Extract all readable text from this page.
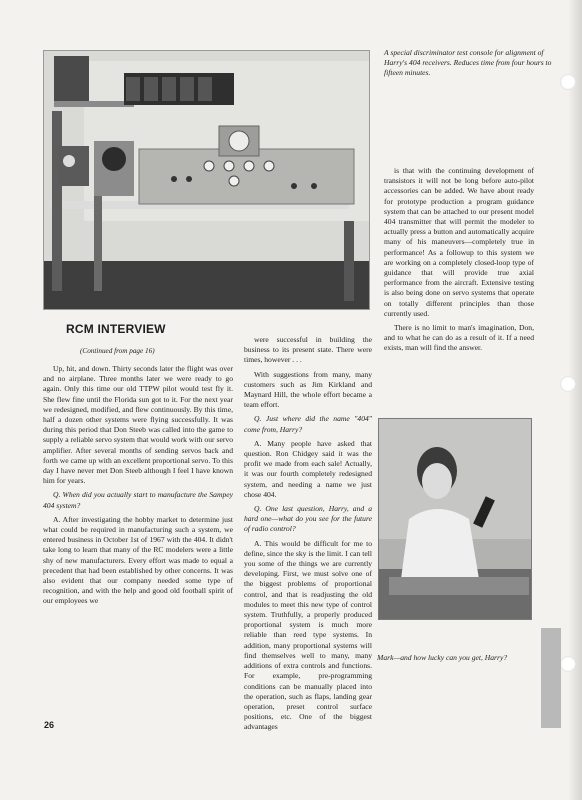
A special discriminator test console for alignment of Harry's 404 receivers. Reduces time from four hours to fifteen minutes.
RCM INTERVIEW
(Continued from page 16)

Up, hit, and down. Thirty seconds later the flight was over and no airplane. Three months later we were ready to go again. Only this time our old TTPW pilot would test fly it. She flew fine until the Florida sun got to it. For the next year we redesigned, modified, and flew continuously. By this time, half a dozen other systems were flying successfully. It was during this period that Don Steeb was called into the game to supply a reliable servo system that would work with our servo amplifier. After several months of sending servos back and forth we came up with an excellent proportional servo. To this day I have never met Don Steeb although I feel I have known him for years.

Q. When did you actually start to manufacture the Sampey 404 system?

A. After investigating the hobby market to determine just what could be required in manufacturing such a system, we entered business in October 1st of 1967 with the 404. It didn't take long to learn that many of the RC modelers were a little shy of new manufacturers. Every effort was made to equal a precedent that had been established by other concerns. It was also evident that our company needed some type of recognition, and with the help and good old football spirit of our employees we

were successful in building the business to its present state. There were times, however . . .

With suggestions from many, many customers such as Jim Kirkland and Maynard Hill, the whole effort became a team effort.

Q. Just where did the name "404" come from, Harry?

A. Many people have asked that question. Ron Chidgey said it was the profit we made from each sale! Actually, it was our fourth completely redesigned system, and needing a name we just chose 404.

Q. One last question, Harry, and a hard one—what do you see for the future of radio control?

A. This would be difficult for me to define, since the sky is the limit. I can tell you some of the things we are currently developing. First, we must solve one of the biggest problems of proportional control, and that is readjusting the old modules to meet this new type of control system. Truthfully, a properly produced proportional system is much more reliable than reed type systems. In addition, many proportional systems will find themselves well to many, many additions of extra controls and functions. For example, pre-programming conditions can be manually placed into the operation, such as flaps, landing gear operation, preset control surface positions, etc. One of the biggest advantages

is that with the continuing development of transistors it will not be long before auto-pilot accessories can be added. We have about ready for prototype production a program guidance system that can be attached to our present model 404 transmitter that will permit the modeler to actually press a button and automatically acquire many of his maneuvers—completely true in performance! As a followup to this system we are working on a completely closed-loop type of guidance that will provide true axial performance from the aircraft. Extensive testing is also being done on servo systems that operate on totally different principles than those currently used.

There is no limit to man's imagination, Don, and to what he can do as a result of it. If a need exists, man will find the answer.

Mark—and how lucky can you get, Harry?
26
